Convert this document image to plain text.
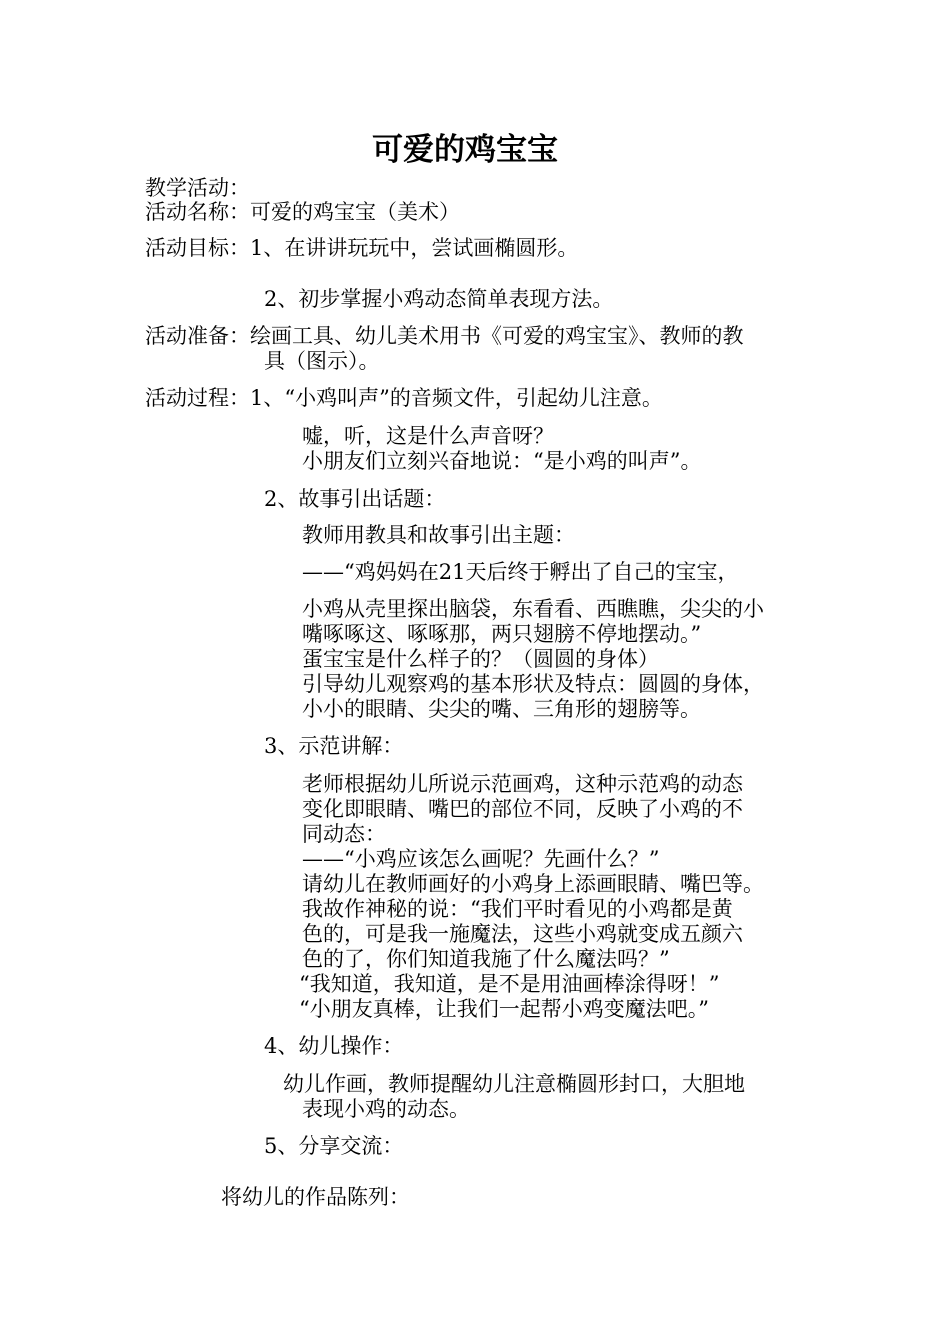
可爱的鸡宝宝
教学活动：
活动名称：可爱的鸡宝宝（美术）
活动目标：1、在讲讲玩玩中，尝试画椭圆形。
2、初步掌握小鸡动态简单表现方法。
活动准备：绘画工具、幼儿美术用书《可爱的鸡宝宝》、教师的教
具（图示）。
活动过程：1、“小鸡叫声”的音频文件，引起幼儿注意。
嘘，听，这是什么声音呀？
小朋友们立刻兴奋地说：“是小鸡的叫声”。
2、故事引出话题：
教师用教具和故事引出主题：
——“鸡妈妈在21天后终于孵出了自己的宝宝，
小鸡从壳里探出脑袋，东看看、西瞧瞧，尖尖的小
嘴啄啄这、啄啄那，两只翅膀不停地摆动。”
蛋宝宝是什么样子的？（圆圆的身体）
引导幼儿观察鸡的基本形状及特点：圆圆的身体，
小小的眼睛、尖尖的嘴、三角形的翅膀等。
3、示范讲解：
老师根据幼儿所说示范画鸡，这种示范鸡的动态
变化即眼睛、嘴巴的部位不同，反映了小鸡的不
同动态：
——“小鸡应该怎么画呢？先画什么？”
请幼儿在教师画好的小鸡身上添画眼睛、嘴巴等。
我故作神秘的说：“我们平时看见的小鸡都是黄
色的，可是我一施魔法，这些小鸡就变成五颜六
色的了，你们知道我施了什么魔法吗？”
“我知道，我知道，是不是用油画棒涂得呀！”
“小朋友真棒，让我们一起帮小鸡变魔法吧。”
4、幼儿操作：
幼儿作画，教师提醒幼儿注意椭圆形封口，大胆地
表现小鸡的动态。
5、分享交流：
将幼儿的作品陈列：
